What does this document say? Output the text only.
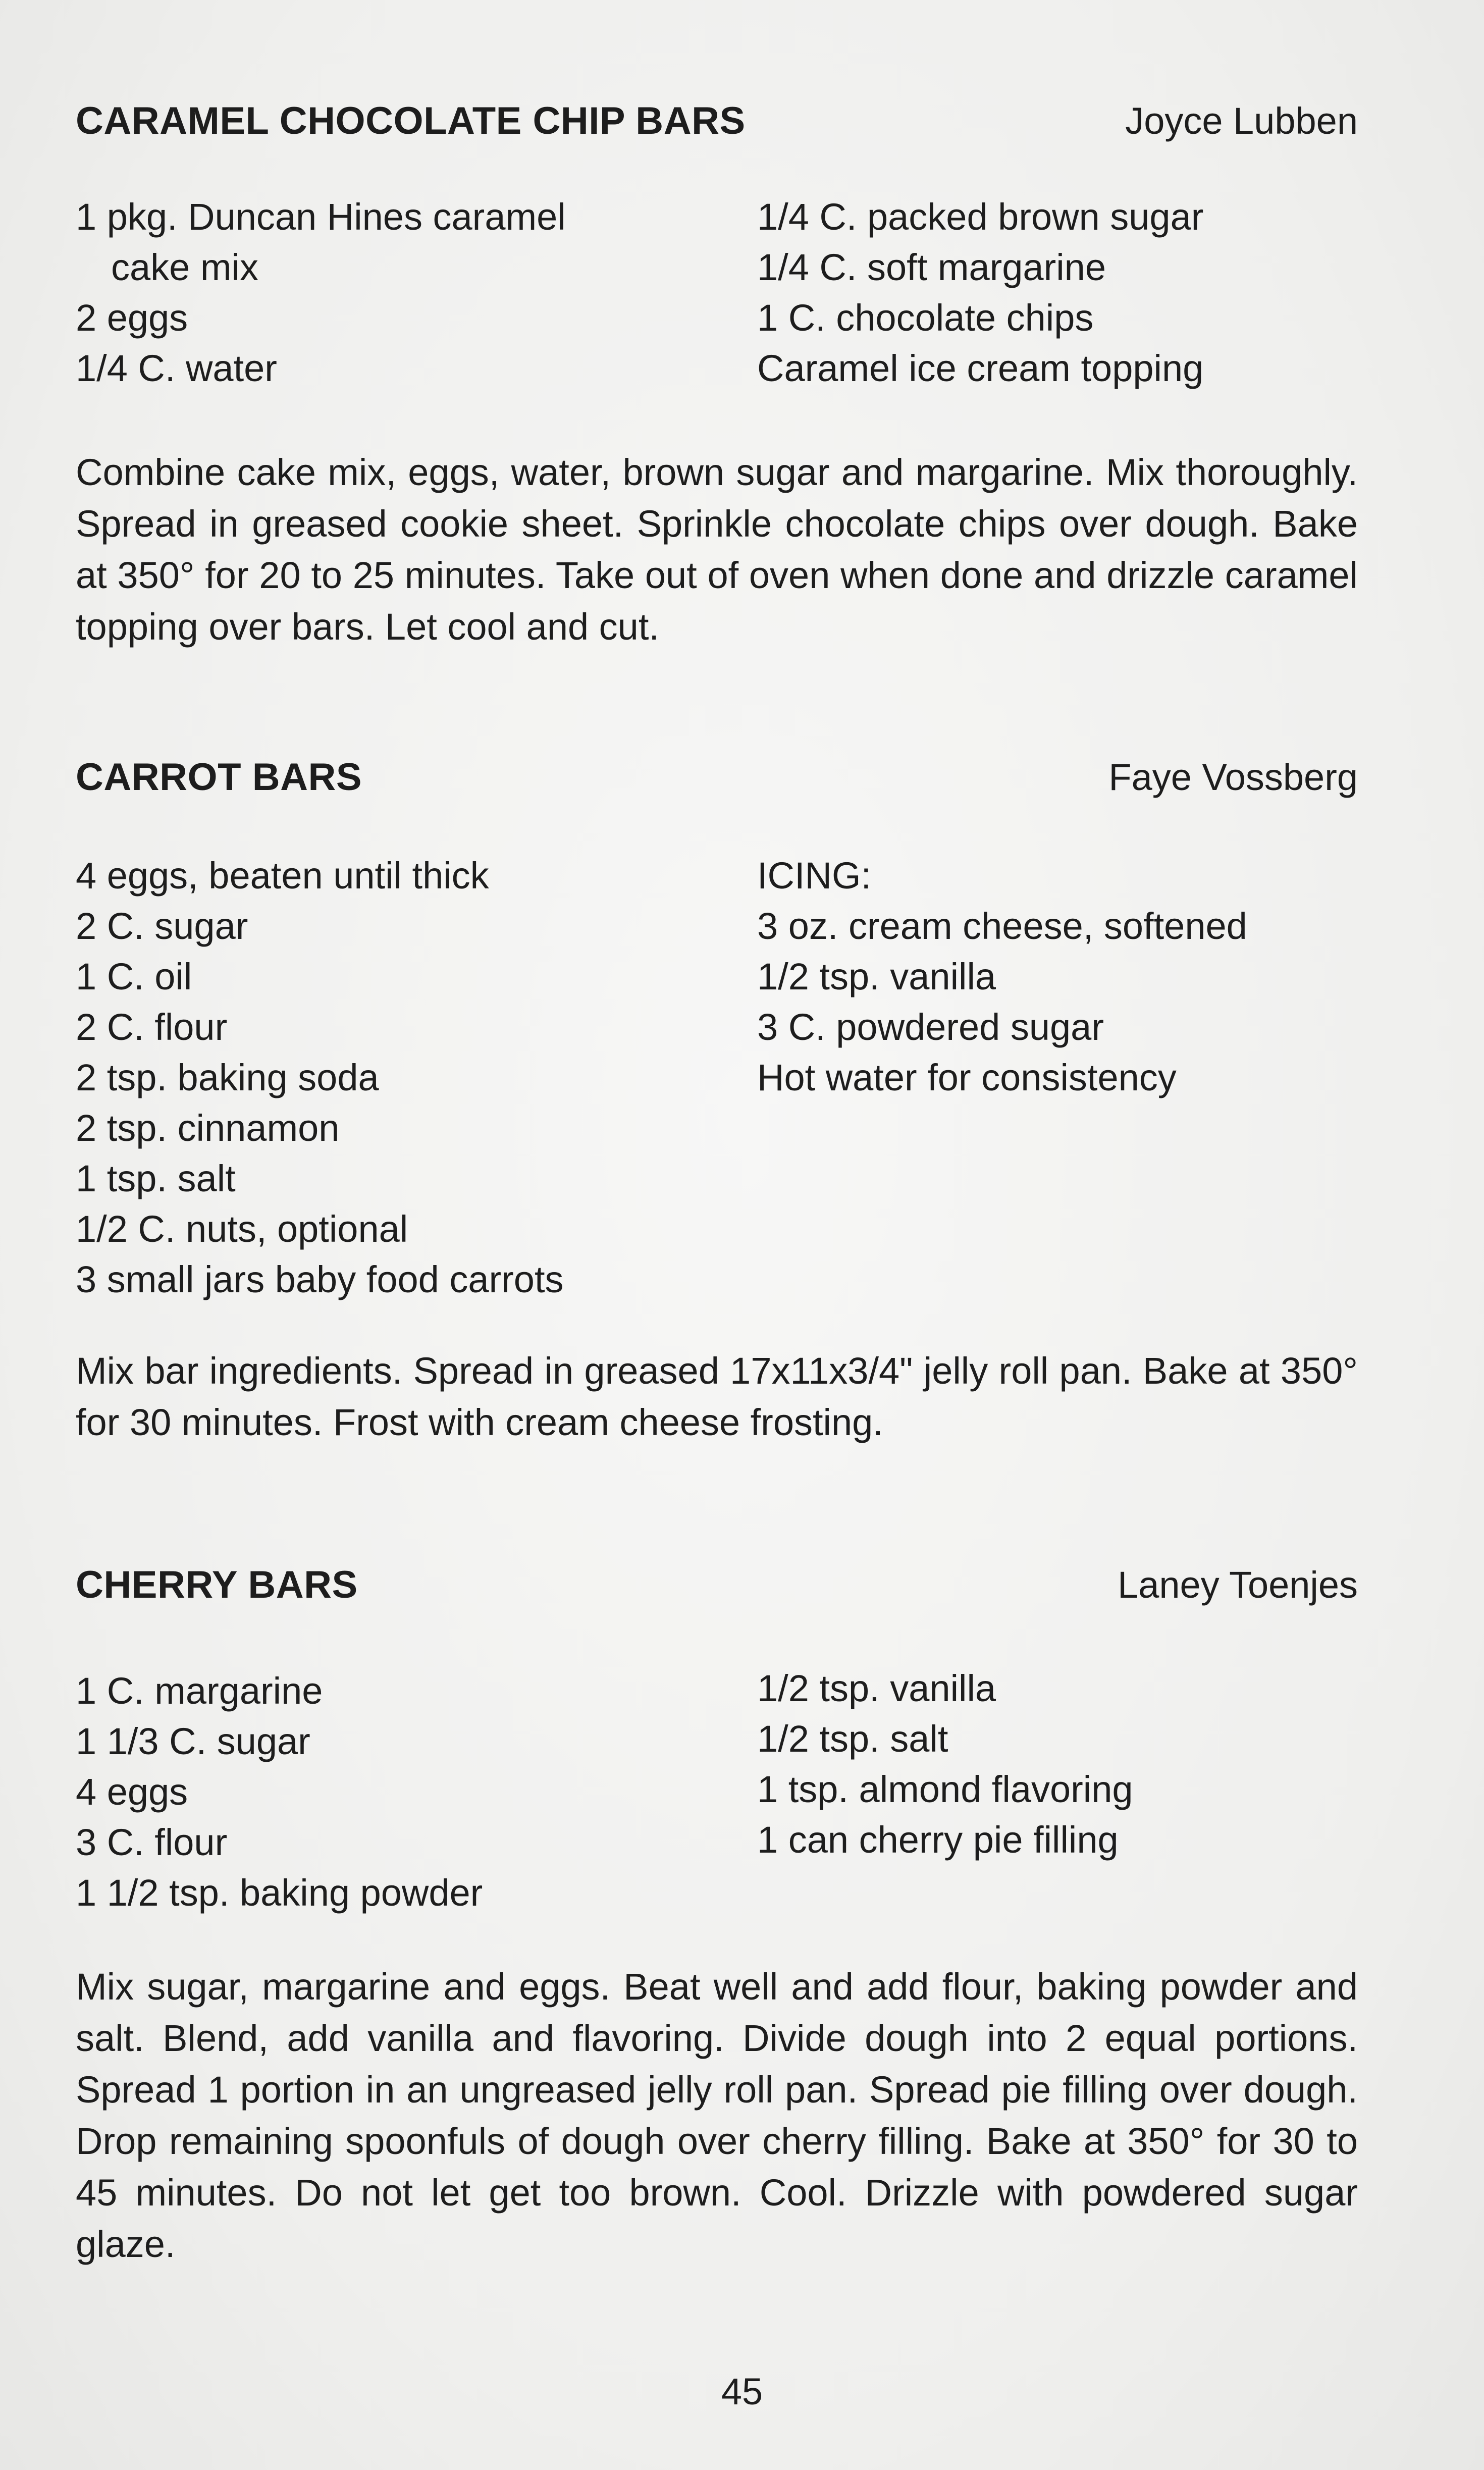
CARAMEL CHOCOLATE CHIP BARS	Joyce Lubben
1 pkg. Duncan Hines caramel
cake mix
2 eggs
1/4 C. water
1/4 C. packed brown sugar
1/4 C. soft margarine
1 C. chocolate chips
Caramel ice cream topping

Combine cake mix, eggs, water, brown sugar and margarine. Mix thoroughly. Spread in greased cookie sheet. Sprinkle chocolate chips over dough. Bake at 350° for 20 to 25 minutes. Take out of oven when done and drizzle caramel topping over bars. Let cool and cut.

CARROT BARS	Faye Vossberg
4 eggs, beaten until thick
2 C. sugar
1 C. oil
2 C. flour
2 tsp. baking soda
2 tsp. cinnamon
1 tsp. salt
1/2 C. nuts, optional
3 small jars baby food carrots
ICING:
3 oz. cream cheese, softened
1/2 tsp. vanilla
3 C. powdered sugar
Hot water for consistency

Mix bar ingredients. Spread in greased 17x11x3/4" jelly roll pan. Bake at 350° for 30 minutes. Frost with cream cheese frosting.

CHERRY BARS	Laney Toenjes
1 C. margarine
1 1/3 C. sugar
4 eggs
3 C. flour
1 1/2 tsp. baking powder
1/2 tsp. vanilla
1/2 tsp. salt
1 tsp. almond flavoring
1 can cherry pie filling

Mix sugar, margarine and eggs. Beat well and add flour, baking powder and salt. Blend, add vanilla and flavoring. Divide dough into 2 equal portions. Spread 1 portion in an ungreased jelly roll pan. Spread pie filling over dough. Drop remaining spoonfuls of dough over cherry filling. Bake at 350° for 30 to 45 minutes. Do not let get too brown. Cool. Drizzle with powdered sugar glaze.

45
